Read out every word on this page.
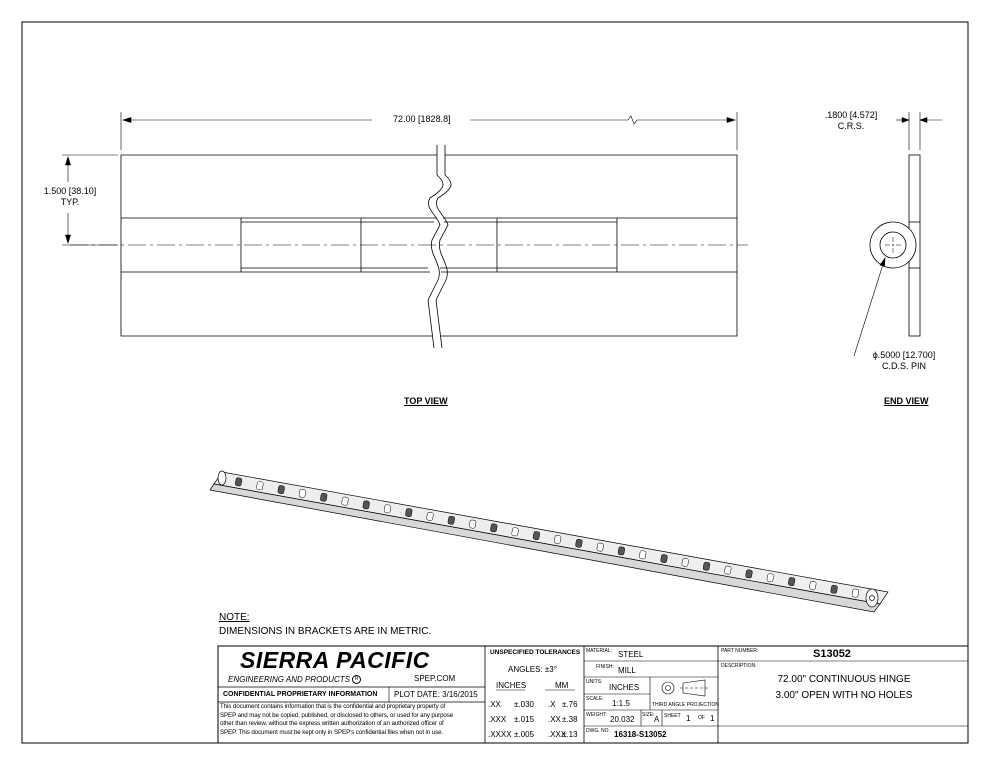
72.00 [1828.8]
1.500 [38.10]
TYP.
TOP VIEW
.1800 [4.572]
C.R.S.
ϕ.5000 [12.700]
C.D.S. PIN
END VIEW
NOTE:
DIMENSIONS IN BRACKETS ARE IN METRIC.
SIERRA PACIFIC
ENGINEERING AND PRODUCTS R	SPEP.COM
CONFIDENTIAL PROPRIETARY INFORMATION PLOT DATE: 3/16/2015
This document contains information that is the confidential and proprietary property of
SPEP and may not be copied, published, or disclosed to others, or used for any purpose
other than review, without the express written authorization of an authorized officer of
SPEP. This document must be kept only in SPEP's confidential files when not in use.
UNSPECIFIED TOLERANCES
ANGLES: ±3°
INCHES	MM
.XX ±.030 .X ±.76
.XXX ±.015 .XX±.38
.XXXX ±.005 .XXX±.13
MATERIAL: STEEL
FINISH: MILL
UNITS:
INCHES
SCALE: 1:1.5	THIRD ANGLE PROJECTION
WEIGHT: 20.032 SIZE: A SHEET 1 OF 1
DWG. NO. 16318-S13052
PART NUMBER:	S13052
DESCRIPTION:
72.00" CONTINUOUS HINGE
3.00" OPEN WITH NO HOLES
